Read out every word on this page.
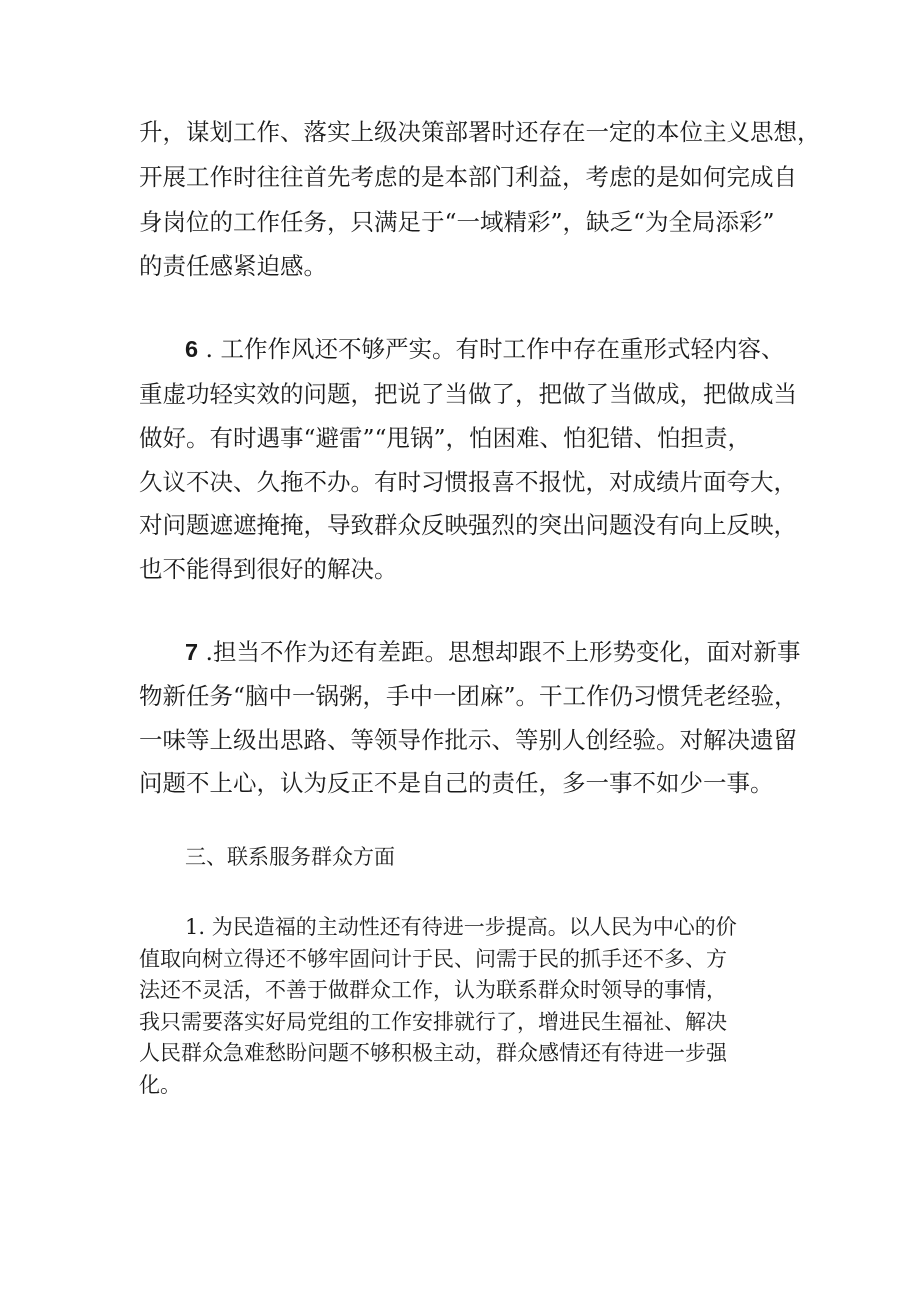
升，谋划工作、落实上级决策部署时还存在一定的本位主义思想，
开展工作时往往首先考虑的是本部门利益，考虑的是如何完成自
身岗位的工作任务，只满足于“一域精彩”，缺乏“为全局添彩”
的责任感紧迫感。
6 . 工作作风还不够严实。有时工作中存在重形式轻内容、
重虚功轻实效的问题，把说了当做了，把做了当做成，把做成当
做好。有时遇事“避雷”“甩锅”，怕困难、怕犯错、怕担责，
久议不决、久拖不办。有时习惯报喜不报忧，对成绩片面夸大，
对问题遮遮掩掩，导致群众反映强烈的突出问题没有向上反映，
也不能得到很好的解决。
7 .担当不作为还有差距。思想却跟不上形势变化，面对新事
物新任务“脑中一锅粥，手中一团麻”。干工作仍习惯凭老经验，
一味等上级出思路、等领导作批示、等别人创经验。对解决遗留
问题不上心，认为反正不是自己的责任，多一事不如少一事。
三、联系服务群众方面
1. 为民造福的主动性还有待进一步提高。以人民为中心的价
值取向树立得还不够牢固问计于民、问需于民的抓手还不多、方
法还不灵活，不善于做群众工作，认为联系群众时领导的事情，
我只需要落实好局党组的工作安排就行了，增进民生福祉、解决
人民群众急难愁盼问题不够积极主动，群众感情还有待进一步强
化。
